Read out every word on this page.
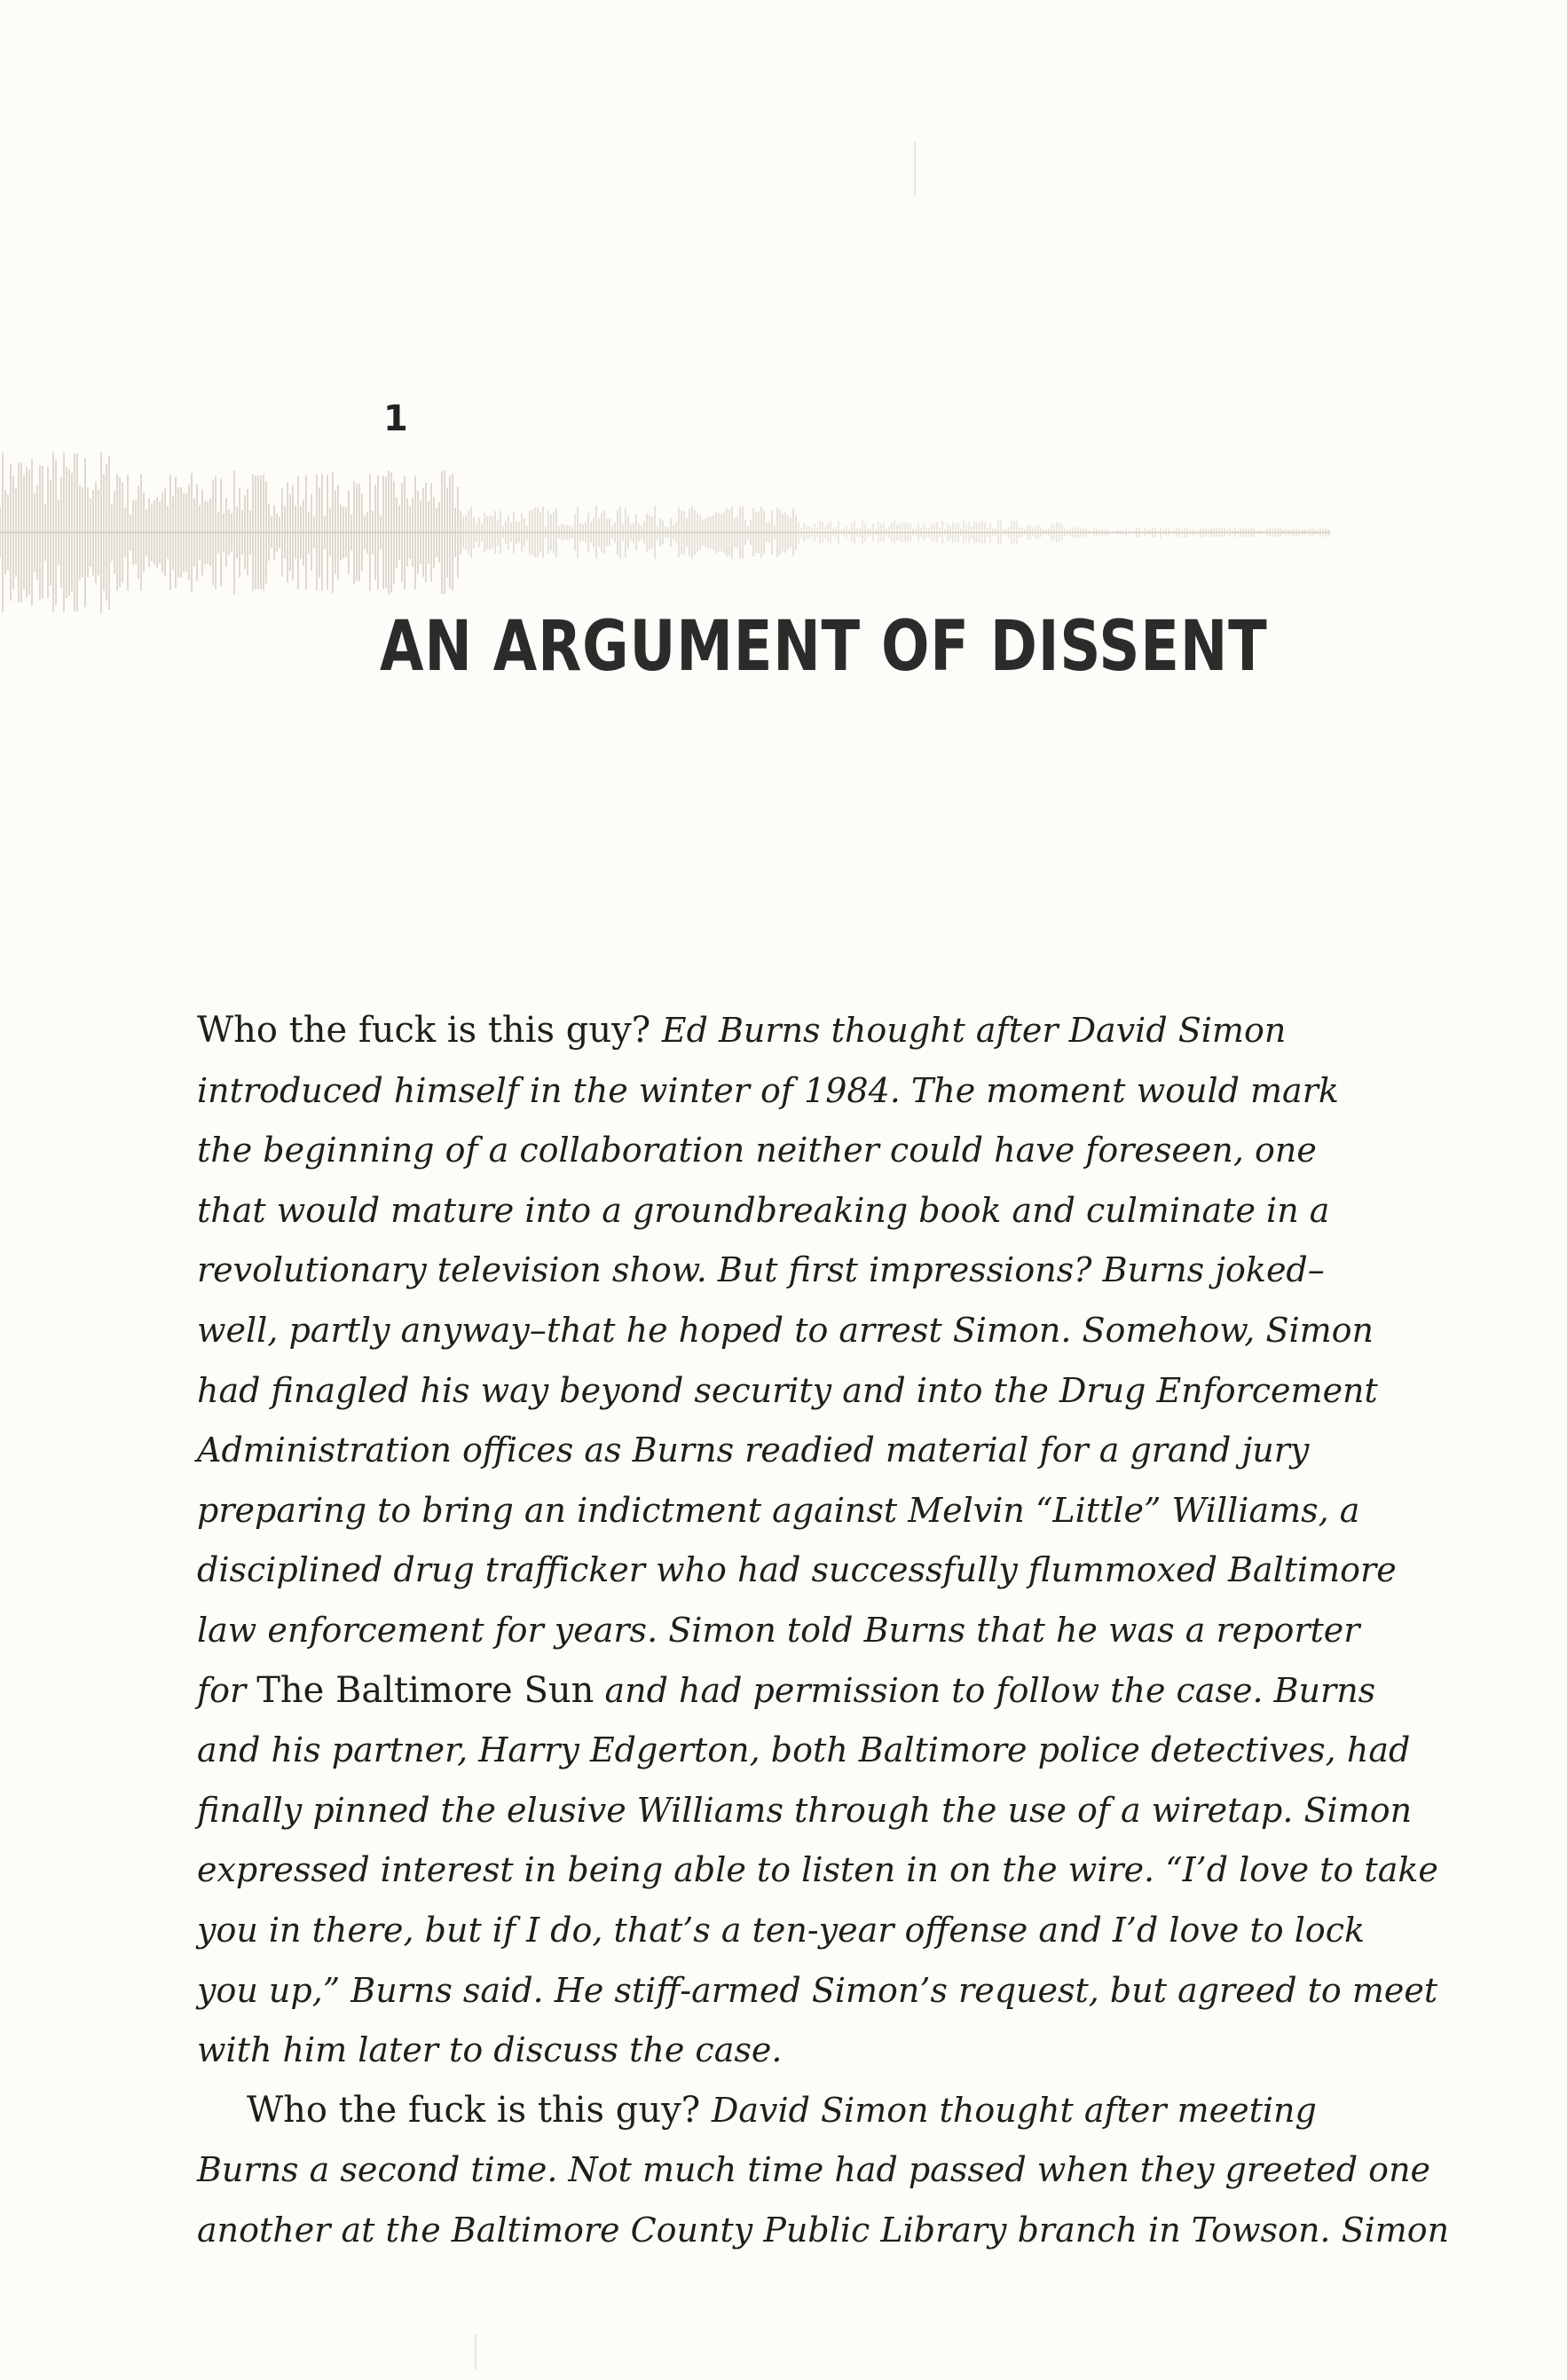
1
AN ARGUMENT OF DISSENT
Who the fuck is this guy? Ed Burns thought after David Simon
introduced himself in the winter of 1984. The moment would mark
the beginning of a collaboration neither could have foreseen, one
that would mature into a groundbreaking book and culminate in a
revolutionary television show. But first impressions? Burns joked–
well, partly anyway–that he hoped to arrest Simon. Somehow, Simon
had finagled his way beyond security and into the Drug Enforcement
Administration offices as Burns readied material for a grand jury
preparing to bring an indictment against Melvin “Little” Williams, a
disciplined drug trafficker who had successfully flummoxed Baltimore
law enforcement for years. Simon told Burns that he was a reporter
for The Baltimore Sun and had permission to follow the case. Burns
and his partner, Harry Edgerton, both Baltimore police detectives, had
finally pinned the elusive Williams through the use of a wiretap. Simon
expressed interest in being able to listen in on the wire. “I’d love to take
you in there, but if I do, that’s a ten-year offense and I’d love to lock
you up,” Burns said. He stiff-armed Simon’s request, but agreed to meet
with him later to discuss the case.
Who the fuck is this guy? David Simon thought after meeting
Burns a second time. Not much time had passed when they greeted one
another at the Baltimore County Public Library branch in Towson. Simon
